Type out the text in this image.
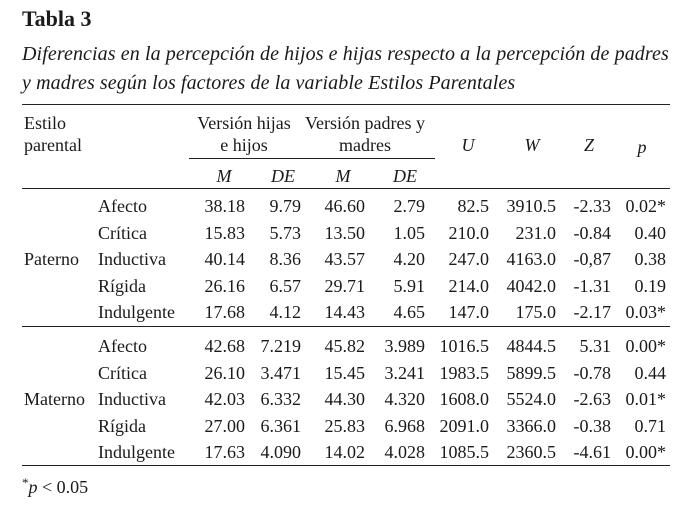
Tabla 3
Diferencias en la percepción de hijos e hijas respecto a la percepción de padres y madres según los factores de la variable Estilos Parentales
Estilo
parental
Versión hijas
e hijos
Versión padres y
madres	U	W Z p
M DE M DE
Paterno
Afecto	38.18 9.79 46.60 2.79 82.5 3910.5 -2.33 0.02*
Crítica	15.83 5.73 13.50 1.05 210.0 231.0 -0.84 0.40
Inductiva 40.14 8.36 43.57 4.20 247.0 4163.0 -0,87 0.38
Rígida	26.16 6.57 29.71 5.91 214.0 4042.0 -1.31 0.19
Indulgente 17.68 4.12 14.43 4.65 147.0 175.0 -2.17 0.03*
Materno
Afecto	42.68 7.219 45.82 3.989 1016.5 4844.5 5.31 0.00*
Crítica	26.10 3.471 15.45 3.241 1983.5 5899.5 -0.78 0.44
Inductiva 42.03 6.332 44.30 4.320 1608.0 5524.0 -2.63 0.01*
Rígida	27.00 6.361 25.83 6.968 2091.0 3366.0 -0.38 0.71
Indulgente 17.63 4.090 14.02 4.028 1085.5 2360.5 -4.61 0.00*
*p < 0.05
